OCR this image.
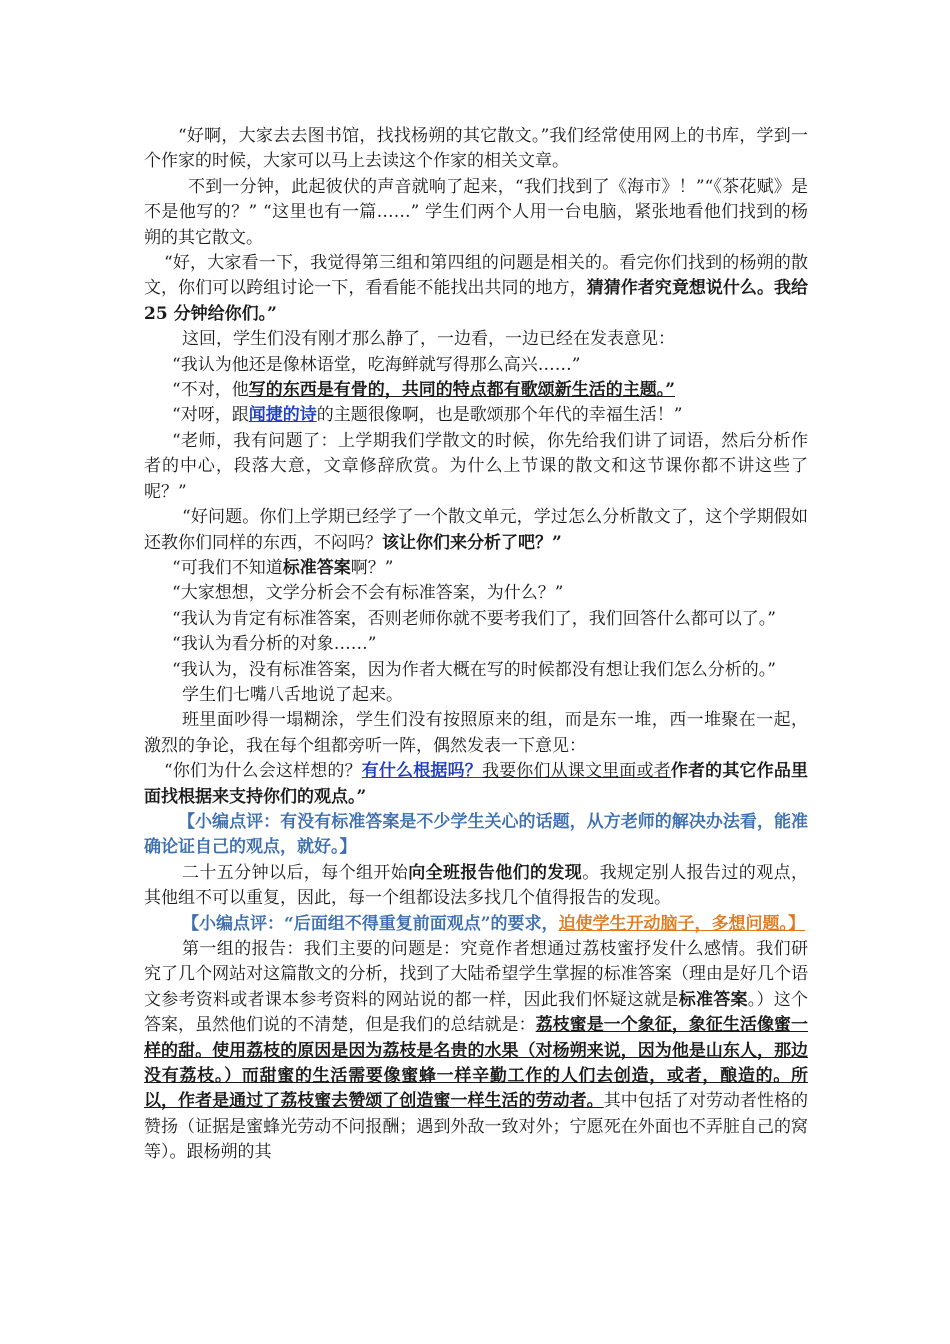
“好啊，大家去去图书馆，找找杨朔的其它散文。”我们经常使用网上的书库，学到一个作家的时候，大家可以马上去读这个作家的相关文章。

不到一分钟，此起彼伏的声音就响了起来，“我们找到了《海市》！”“《茶花赋》是不是他写的？” “这里也有一篇……” 学生们两个人用一台电脑，紧张地看他们找到的杨朔的其它散文。

“好，大家看一下，我觉得第三组和第四组的问题是相关的。看完你们找到的杨朔的散文，你们可以跨组讨论一下，看看能不能找出共同的地方，猜猜作者究竟想说什么。我给 25 分钟给你们。”

这回，学生们没有刚才那么静了，一边看，一边已经在发表意见：

“我认为他还是像林语堂，吃海鲜就写得那么高兴……”

“不对，他写的东西是有骨的，共同的特点都有歌颂新生活的主题。”

“对呀，跟闻捷的诗的主题很像啊，也是歌颂那个年代的幸福生活！”

“老师，我有问题了：上学期我们学散文的时候，你先给我们讲了词语，然后分析作者的中心，段落大意，文章修辞欣赏。为什么上节课的散文和这节课你都不讲这些了呢？”

“好问题。你们上学期已经学了一个散文单元，学过怎么分析散文了，这个学期假如还教你们同样的东西，不闷吗？该让你们来分析了吧？”

“可我们不知道标准答案啊？”

“大家想想，文学分析会不会有标准答案，为什么？”

“我认为肯定有标准答案，否则老师你就不要考我们了，我们回答什么都可以了。”

“我认为看分析的对象……”

“我认为，没有标准答案，因为作者大概在写的时候都没有想让我们怎么分析的。”

学生们七嘴八舌地说了起来。

班里面吵得一塌糊涂，学生们没有按照原来的组，而是东一堆，西一堆聚在一起，激烈的争论，我在每个组都旁听一阵，偶然发表一下意见：

“你们为什么会这样想的？有什么根据吗？我要你们从课文里面或者作者的其它作品里面找根据来支持你们的观点。”

【小编点评：有没有标准答案是不少学生关心的话题，从方老师的解决办法看，能准确论证自己的观点，就好。】

二十五分钟以后，每个组开始向全班报告他们的发现。我规定别人报告过的观点，其他组不可以重复，因此，每一个组都设法多找几个值得报告的发现。

【小编点评：“后面组不得重复前面观点”的要求，迫使学生开动脑子，多想问题。】

第一组的报告：我们主要的问题是：究竟作者想通过荔枝蜜抒发什么感情。我们研究了几个网站对这篇散文的分析，找到了大陆希望学生掌握的标准答案（理由是好几个语文参考资料或者课本参考资料的网站说的都一样，因此我们怀疑这就是标准答案。）这个答案，虽然他们说的不清楚，但是我们的总结就是：荔枝蜜是一个象征，象征生活像蜜一样的甜。使用荔枝的原因是因为荔枝是名贵的水果（对杨朔来说，因为他是山东人，那边没有荔枝。）而甜蜜的生活需要像蜜蜂一样辛勤工作的人们去创造，或者，酿造的。所以，作者是通过了荔枝蜜去赞颂了创造蜜一样生活的劳动者。其中包括了对劳动者性格的赞扬（证据是蜜蜂光劳动不问报酬；遇到外敌一致对外；宁愿死在外面也不弄脏自己的窝等）。跟杨朔的其
